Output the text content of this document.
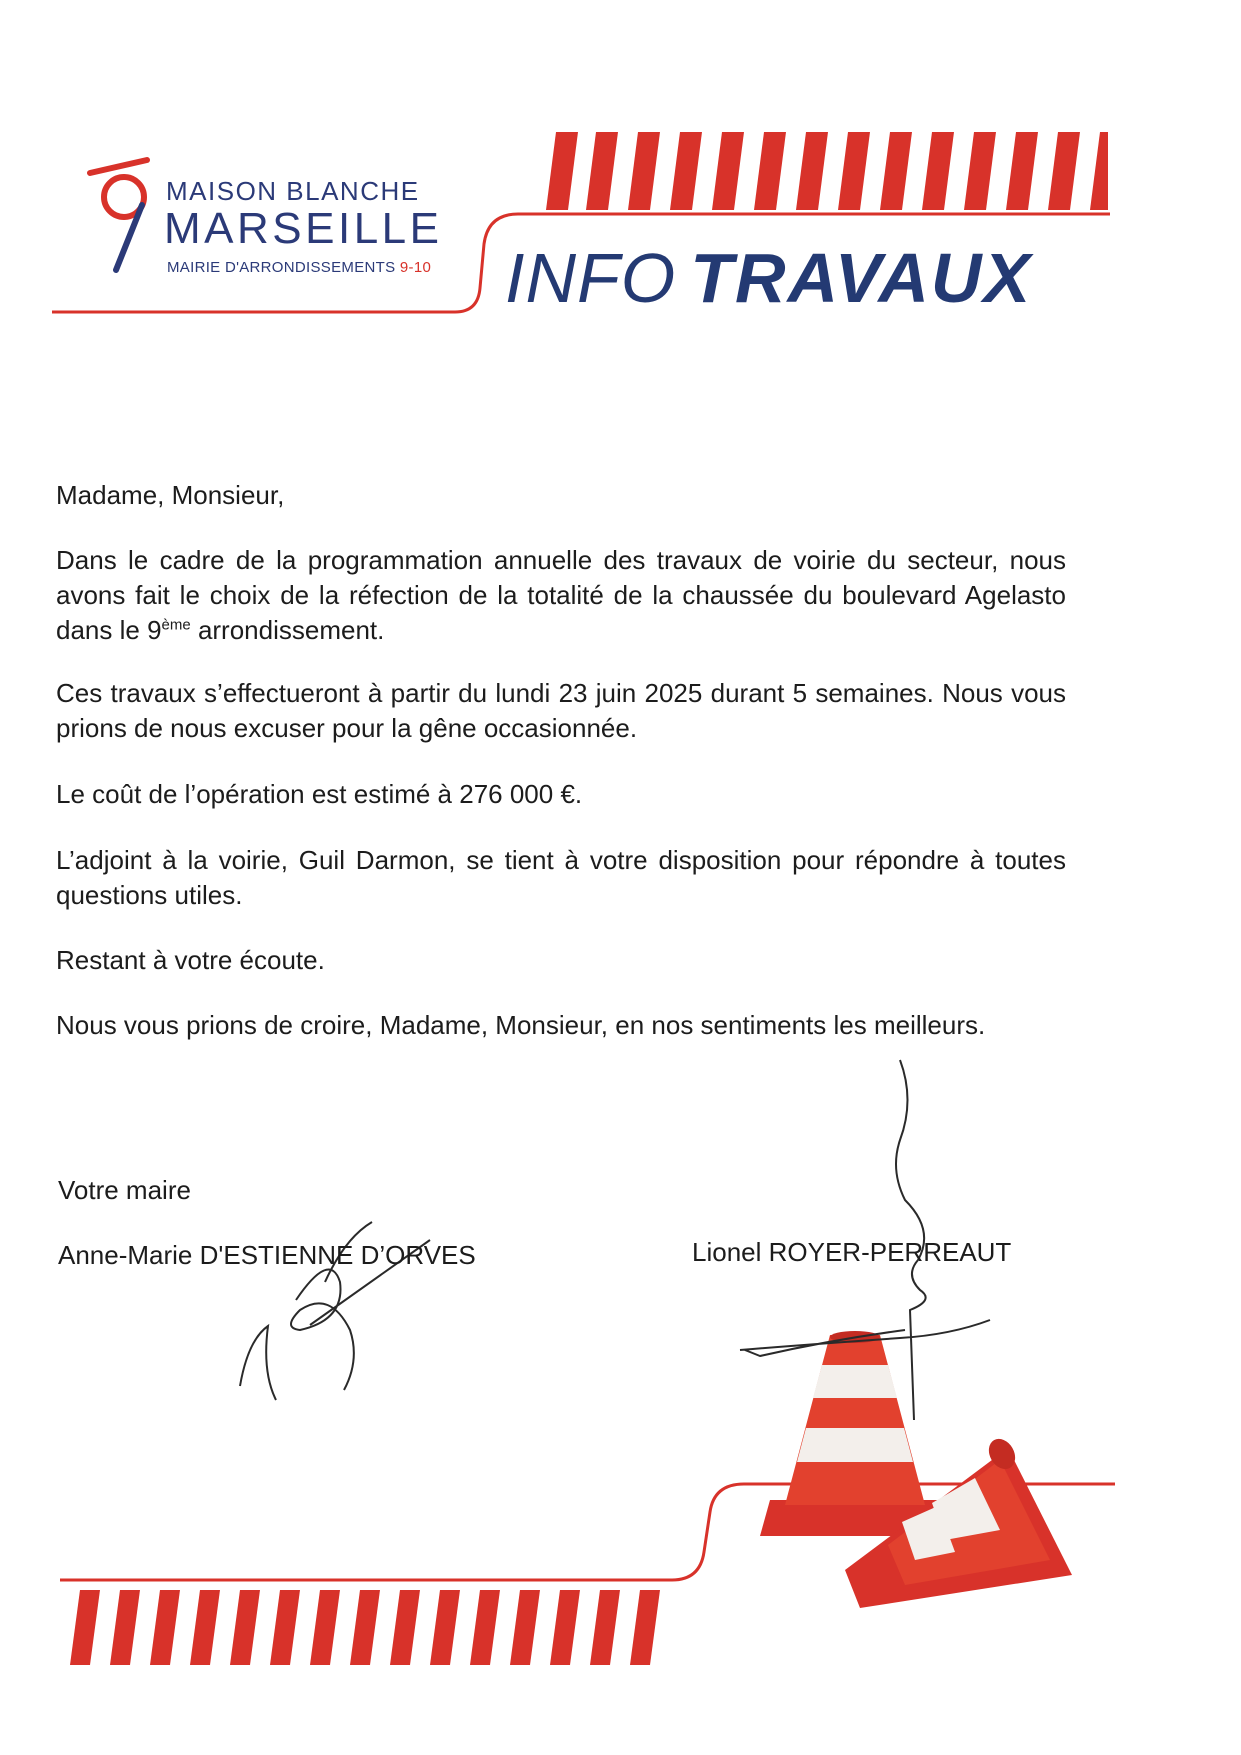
MAISON BLANCHE
MARSEILLE
MAIRIE D'ARRONDISSEMENTS 9-10 INFO TRAVAUX

Madame, Monsieur,

Dans le cadre de la programmation annuelle des travaux de voirie du secteur, nous avons fait le choix de la réfection de la totalité de la chaussée du boulevard Agelasto dans le 9ème arrondissement.

Ces travaux s’effectueront à partir du lundi 23 juin 2025 durant 5 semaines. Nous vous prions de nous excuser pour la gêne occasionnée.

Le coût de l’opération est estimé à 276 000 €.

L’adjoint à la voirie, Guil Darmon, se tient à votre disposition pour répondre à toutes questions utiles.

Restant à votre écoute.

Nous vous prions de croire, Madame, Monsieur, en nos sentiments les meilleurs.

Votre maire
Anne-Marie D'ESTIENNE D’ORVES	Lionel ROYER-PERREAUT
